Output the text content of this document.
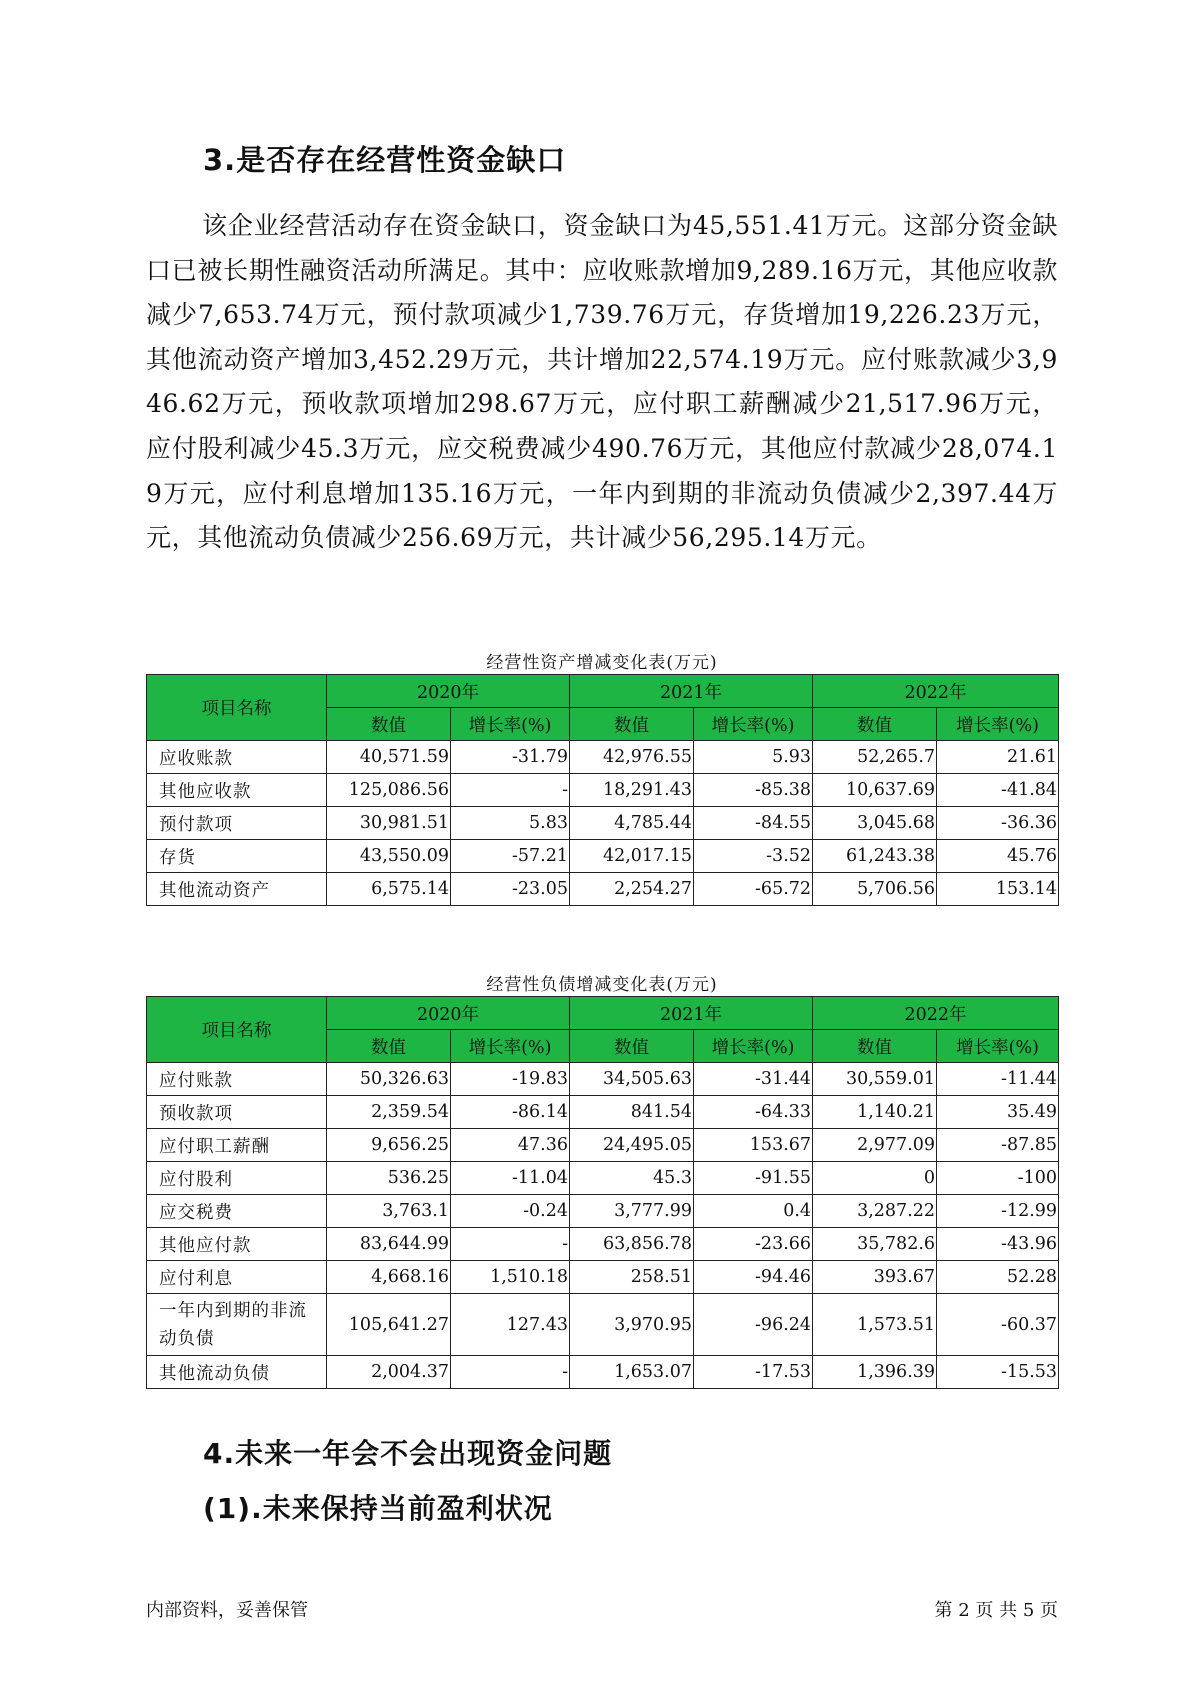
3.是否存在经营性资金缺口
该企业经营活动存在资金缺口，资金缺口为45,551.41万元。这部分资金缺口已被长期性融资活动所满足。其中：应收账款增加9,289.16万元，其他应收款减少7,653.74万元，预付款项减少1,739.76万元，存货增加19,226.23万元，其他流动资产增加3,452.29万元，共计增加22,574.19万元。应付账款减少3,946.62万元，预收款项增加298.67万元，应付职工薪酬减少21,517.96万元，应付股利减少45.3万元，应交税费减少490.76万元，其他应付款减少28,074.19万元，应付利息增加135.16万元，一年内到期的非流动负债减少2,397.44万元，其他流动负债减少256.69万元，共计减少56,295.14万元。
经营性资产增减变化表(万元)
项目名称	2020年		2021年		2022年	
	数值	增长率(%)	数值	增长率(%)	数值	增长率(%)
应收账款	40,571.59	-31.79	42,976.55	5.93	52,265.7	21.61
其他应收款	125,086.56	-	18,291.43	-85.38	10,637.69	-41.84
预付款项	30,981.51	5.83	4,785.44	-84.55	3,045.68	-36.36
存货	43,550.09	-57.21	42,017.15	-3.52	61,243.38	45.76
其他流动资产	6,575.14	-23.05	2,254.27	-65.72	5,706.56	153.14
经营性负债增减变化表(万元)
项目名称	2020年		2021年		2022年	
	数值	增长率(%)	数值	增长率(%)	数值	增长率(%)
应付账款	50,326.63	-19.83	34,505.63	-31.44	30,559.01	-11.44
预收款项	2,359.54	-86.14	841.54	-64.33	1,140.21	35.49
应付职工薪酬	9,656.25	47.36	24,495.05	153.67	2,977.09	-87.85
应付股利	536.25	-11.04	45.3	-91.55	0	-100
应交税费	3,763.1	-0.24	3,777.99	0.4	3,287.22	-12.99
其他应付款	83,644.99	-	63,856.78	-23.66	35,782.6	-43.96
应付利息	4,668.16	1,510.18	258.51	-94.46	393.67	52.28
一年内到期的非流动负债	105,641.27	127.43	3,970.95	-96.24	1,573.51	-60.37
其他流动负债	2,004.37	-	1,653.07	-17.53	1,396.39	-15.53
4.未来一年会不会出现资金问题
(1).未来保持当前盈利状况
内部资料，妥善保管	第 2 页 共 5 页
